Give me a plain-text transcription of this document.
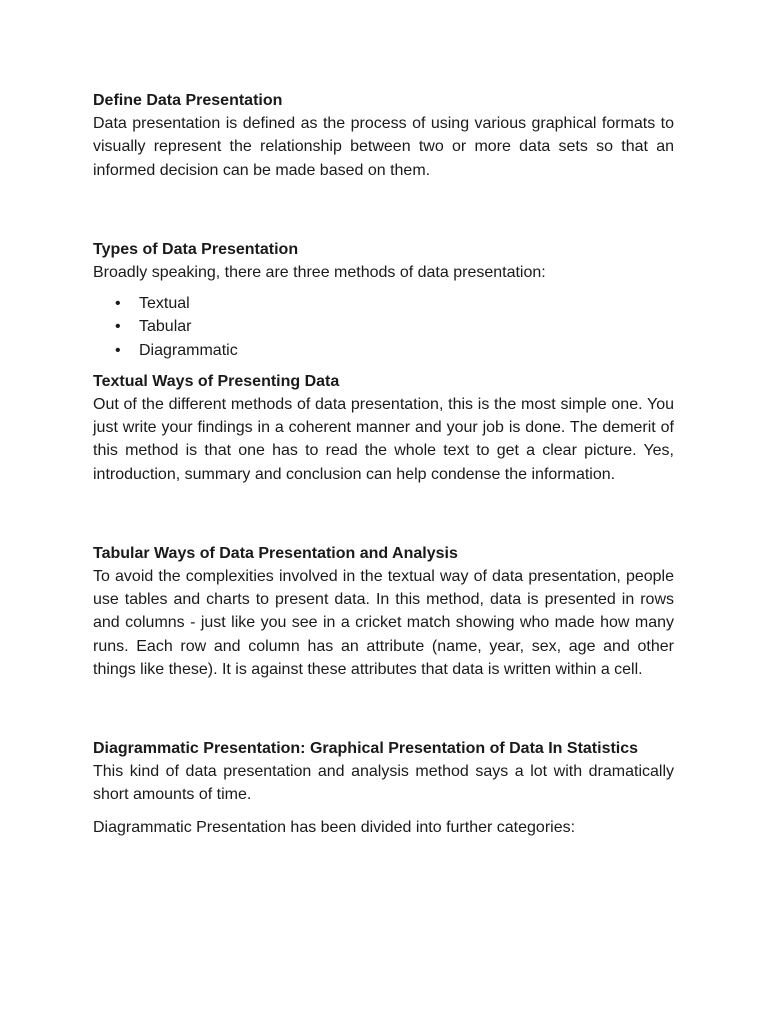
Define Data Presentation

Data presentation is defined as the process of using various graphical formats to visually represent the relationship between two or more data sets so that an informed decision can be made based on them.

Types of Data Presentation

Broadly speaking, there are three methods of data presentation:

• Textual
• Tabular
• Diagrammatic

Textual Ways of Presenting Data

Out of the different methods of data presentation, this is the most simple one. You just write your findings in a coherent manner and your job is done. The demerit of this method is that one has to read the whole text to get a clear picture. Yes, introduction, summary and conclusion can help condense the information.

Tabular Ways of Data Presentation and Analysis

To avoid the complexities involved in the textual way of data presentation, people use tables and charts to present data. In this method, data is presented in rows and columns - just like you see in a cricket match showing who made how many runs. Each row and column has an attribute (name, year, sex, age and other things like these). It is against these attributes that data is written within a cell.

Diagrammatic Presentation: Graphical Presentation of Data In Statistics

This kind of data presentation and analysis method says a lot with dramatically short amounts of time.

Diagrammatic Presentation has been divided into further categories:
